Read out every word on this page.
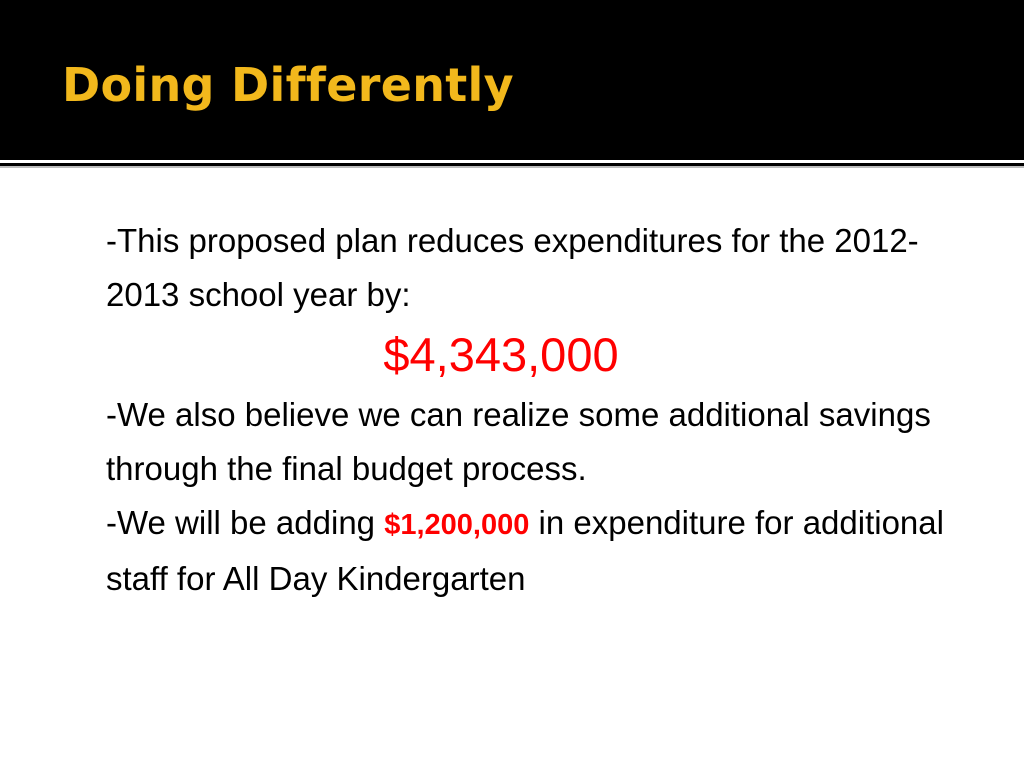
Doing Differently

-This proposed plan reduces expenditures for the 2012-2013 school year by:

$4,343,000

-We also believe we can realize some additional savings through the final budget process.

-We will be adding $1,200,000 in expenditure for additional staff for All Day Kindergarten
